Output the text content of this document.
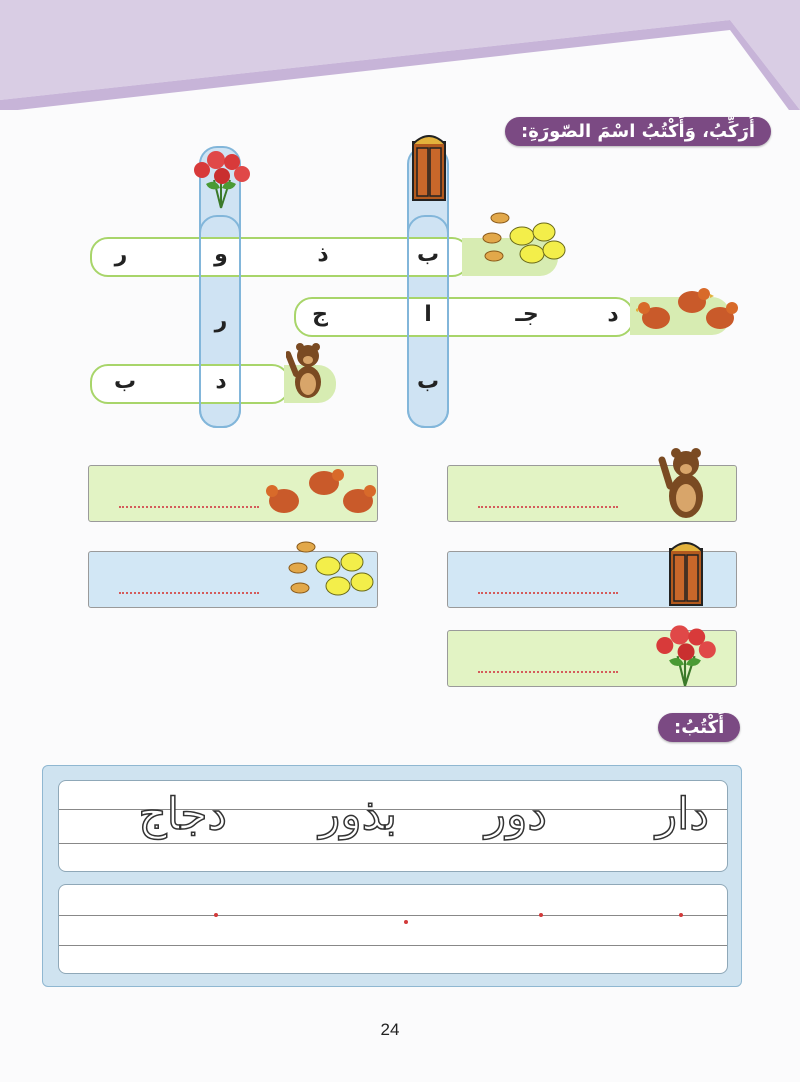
أُرَكِّبُ، وَأَكْتُبُ اسْمَ الصّورَةِ:
ب
ذ
و
ر
د
جـ
ا
ج
ر
د
ب	ب
أَكْتُبُ:
دار
دور
بذور
دجاج
24
